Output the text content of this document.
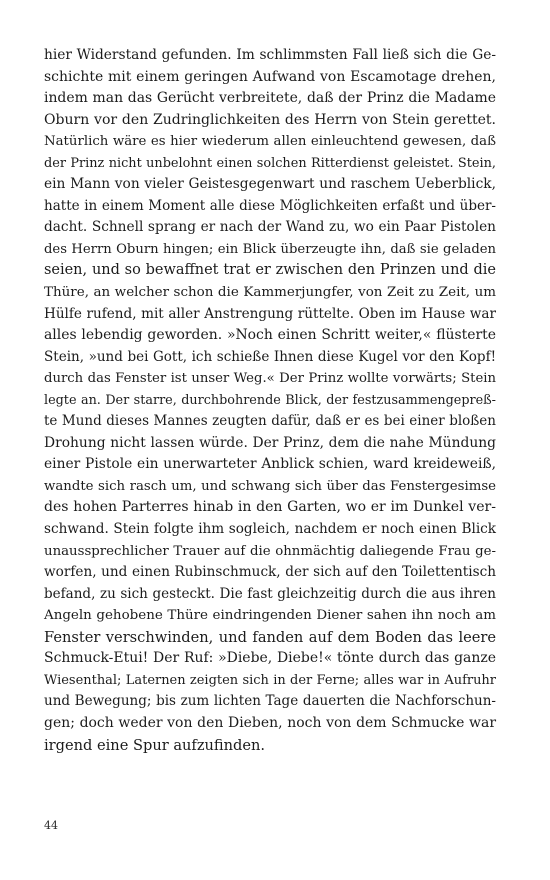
hier Widerstand gefunden. Im schlimmsten Fall ließ sich die Ge-
schichte mit einem geringen Aufwand von Escamotage drehen,
indem man das Gerücht verbreitete, daß der Prinz die Madame
Oburn vor den Zudringlichkeiten des Herrn von Stein gerettet.
Natürlich wäre es hier wiederum allen einleuchtend gewesen, daß
der Prinz nicht unbelohnt einen solchen Ritterdienst geleistet. Stein,
ein Mann von vieler Geistesgegenwart und raschem Ueberblick,
hatte in einem Moment alle diese Möglichkeiten erfaßt und über-
dacht. Schnell sprang er nach der Wand zu, wo ein Paar Pistolen
des Herrn Oburn hingen; ein Blick überzeugte ihn, daß sie geladen
seien, und so bewaffnet trat er zwischen den Prinzen und die
Thüre, an welcher schon die Kammerjungfer, von Zeit zu Zeit, um
Hülfe rufend, mit aller Anstrengung rüttelte. Oben im Hause war
alles lebendig geworden. »Noch einen Schritt weiter,« flüsterte
Stein, »und bei Gott, ich schieße Ihnen diese Kugel vor den Kopf!
durch das Fenster ist unser Weg.« Der Prinz wollte vorwärts; Stein
legte an. Der starre, durchbohrende Blick, der festzusammengepreß-
te Mund dieses Mannes zeugten dafür, daß er es bei einer bloßen
Drohung nicht lassen würde. Der Prinz, dem die nahe Mündung
einer Pistole ein unerwarteter Anblick schien, ward kreideweiß,
wandte sich rasch um, und schwang sich über das Fenstergesimse
des hohen Parterres hinab in den Garten, wo er im Dunkel ver-
schwand. Stein folgte ihm sogleich, nachdem er noch einen Blick
unaussprechlicher Trauer auf die ohnmächtig daliegende Frau ge-
worfen, und einen Rubinschmuck, der sich auf den Toilettentisch
befand, zu sich gesteckt. Die fast gleichzeitig durch die aus ihren
Angeln gehobene Thüre eindringenden Diener sahen ihn noch am
Fenster verschwinden, und fanden auf dem Boden das leere
Schmuck-Etui! Der Ruf: »Diebe, Diebe!« tönte durch das ganze
Wiesenthal; Laternen zeigten sich in der Ferne; alles war in Aufruhr
und Bewegung; bis zum lichten Tage dauerten die Nachforschun-
gen; doch weder von den Dieben, noch von dem Schmucke war
irgend eine Spur aufzufinden.
44
